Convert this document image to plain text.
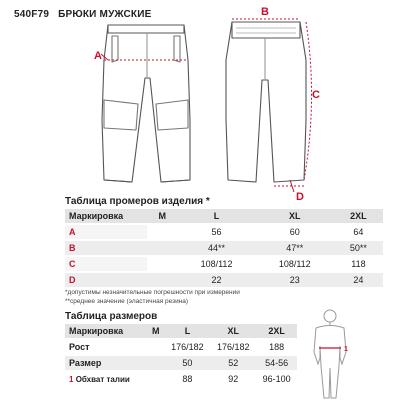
540F79 БРЮКИ МУЖСКИЕ
A
B
C
D
Таблица промеров изделия *
Маркировка	M	L	XL	2XL
A		56	60	64
B		44**	47**	50**
C		108/112	108/112	118
D		22	23	24
*допустимы незначительные погрешности при измерении
**среднее значение (эластичная резина)
Таблица размеров
Маркировка	M	L	XL	2XL
Рост		176/182	176/182	188
Размер		50	52	54-56
1 Обхват талии		88	92	96-100
1
